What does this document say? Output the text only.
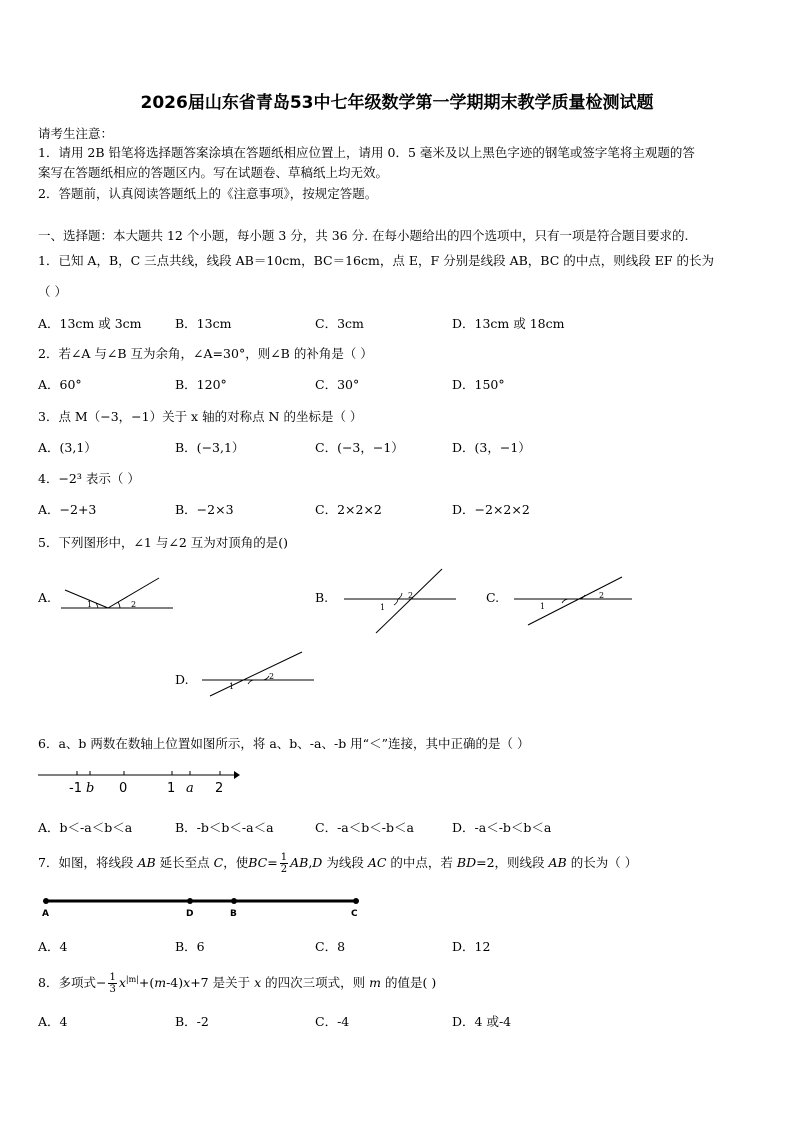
2026届山东省青岛53中七年级数学第一学期期末教学质量检测试题
请考生注意：
1．请用 2B 铅笔将选择题答案涂填在答题纸相应位置上，请用 0．5 毫米及以上黑色字迹的钢笔或签字笔将主观题的答
案写在答题纸相应的答题区内。写在试题卷、草稿纸上均无效。
2．答题前，认真阅读答题纸上的《注意事项》，按规定答题。
一、选择题：本大题共 12 个小题，每小题 3 分，共 36 分. 在每小题给出的四个选项中，只有一项是符合题目要求的.
1．已知 A，B，C 三点共线，线段 AB＝10cm，BC＝16cm，点 E，F 分别是线段 AB，BC 的中点，则线段 EF 的长为
（ ）
A．13cm 或 3cm	B．13cm	C．3cm	D．13cm 或 18cm
2．若∠A 与∠B 互为余角，∠A=30°，则∠B 的补角是（ ）
A．60°	B．120°	C．30°	D．150°
3．点 M（−3，−1）关于 x 轴的对称点 N 的坐标是（ ）
A．(3,1）	B．(−3,1）	C．(−3，−1）	D．(3，−1）
4．−2³ 表示（ ）
A．−2+3	B．−2×3	C．2×2×2	D．−2×2×2
5．下列图形中，∠1 与∠2 互为对顶角的是()
A.	1	2	B.
1
2	C.
1
2
D.	1
2
6．a、b 两数在数轴上位置如图所示，将 a、b、-a、-b 用“＜”连接，其中正确的是（ ）
-1 b 0	1 a 2
A．b＜-a＜b＜a	B．-b＜b＜-a＜a	C．-a＜b＜-b＜a	D．-a＜-b＜b＜a
7．如图，将线段 AB 延长至点 C，使$BC= \frac{1}{2} AB,D$ 为线段 AC 的中点，若 BD=2，则线段 AB 的长为（ ）
A	D	B	C
A．4	B．6	C．8	D．12
8．多项式− $\frac{1}{3} x^{|m|}+(m-4)x+7$ 是关于 x 的四次三项式，则 m 的值是( )
A．4	B．-2	C．-4	D．4 或-4
